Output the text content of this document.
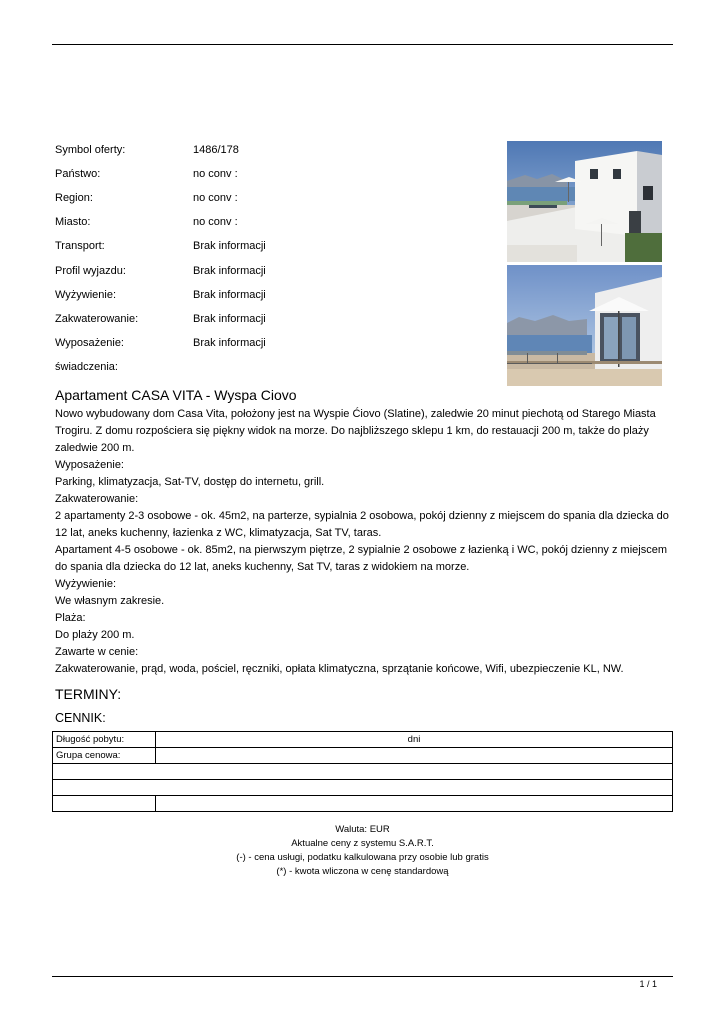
Symbol oferty:	1486/178
Państwo:	no conv :
Region:	no conv :
Miasto:	no conv :
Transport:	Brak informacji
Profil wyjazdu:	Brak informacji
Wyżywienie:	Brak informacji
Zakwaterowanie:	Brak informacji
Wyposażenie:	Brak informacji
świadczenia:
Apartament CASA VITA - Wyspa Ciovo
Nowo wybudowany dom Casa Vita, położony jest na Wyspie Ćiovo (Slatine), zaledwie 20 minut piechotą od Starego Miasta
Trogiru. Z domu rozpościera się piękny widok na morze. Do najbliższego sklepu 1 km, do restauacji 200 m, także do plaży
zaledwie 200 m.
Wyposażenie:
Parking, klimatyzacja, Sat-TV, dostęp do internetu, grill.
Zakwaterowanie:
2 apartamenty 2-3 osobowe - ok. 45m2, na parterze, sypialnia 2 osobowa, pokój dzienny z miejscem do spania dla dziecka do
12 lat, aneks kuchenny, łazienka z WC, klimatyzacja, Sat TV, taras.
Apartament 4-5 osobowe - ok. 85m2, na pierwszym piętrze, 2 sypialnie 2 osobowe z łazienką i WC, pokój dzienny z miejscem
do spania dla dziecka do 12 lat, aneks kuchenny, Sat TV, taras z widokiem na morze.
Wyżywienie:
We własnym zakresie.
Plaża:
Do plaży 200 m.
Zawarte w cenie:
Zakwaterowanie, prąd, woda, pościel, ręczniki, opłata klimatyczna, sprzątanie końcowe, Wifi, ubezpieczenie KL, NW.
TERMINY:
CENNIK:
Długość pobytu:	dni
Grupa cenowa:	

Waluta: EUR
Aktualne ceny z systemu S.A.R.T.
(-) - cena usługi, podatku kalkulowana przy osobie lub gratis
(*) - kwota wliczona w cenę standardową
1 / 1
